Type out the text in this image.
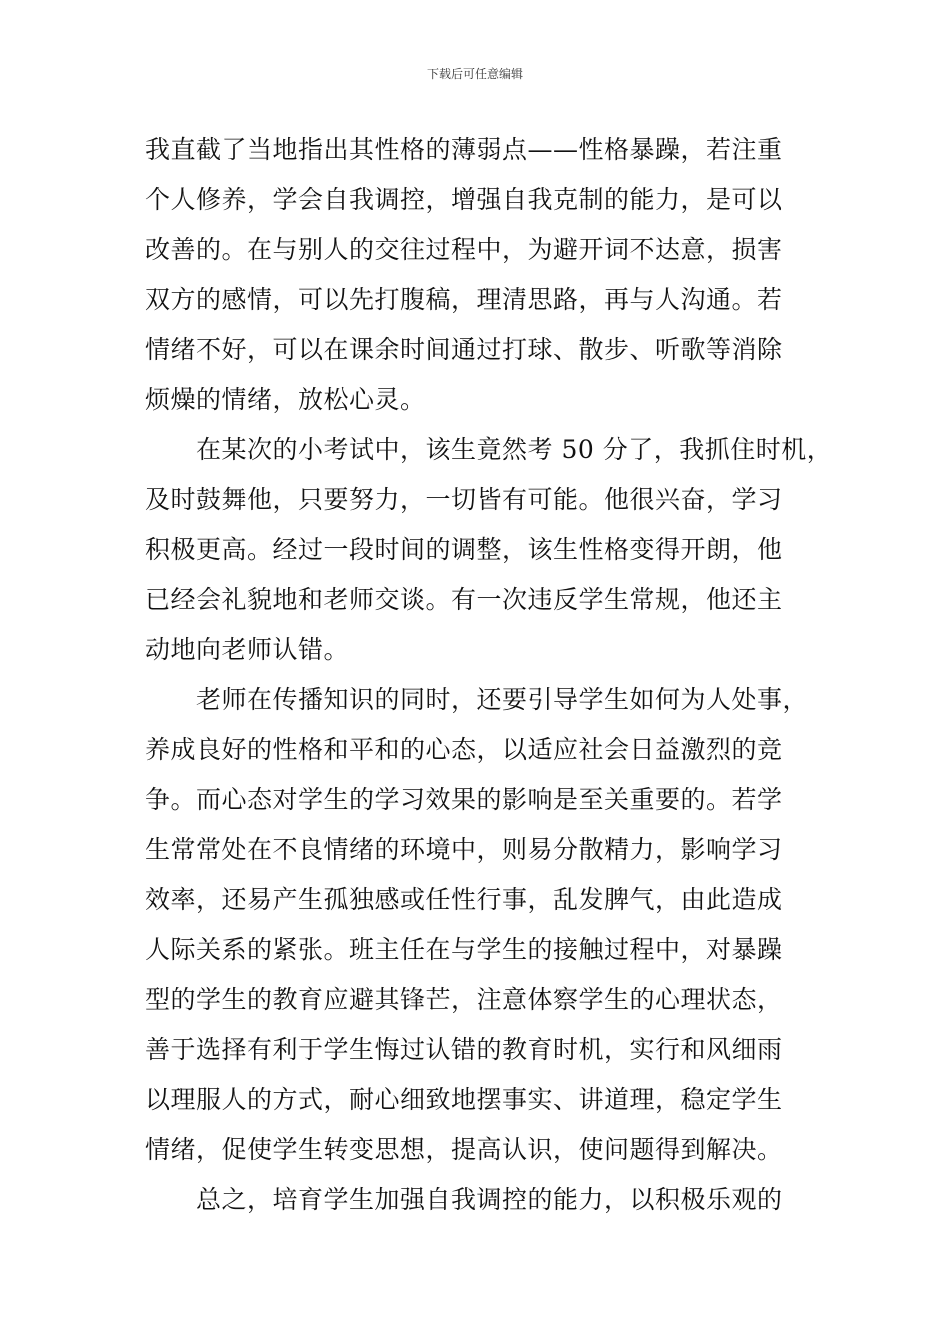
下载后可任意编辑
我直截了当地指出其性格的薄弱点——性格暴躁，若注重
个人修养，学会自我调控，增强自我克制的能力，是可以
改善的。在与别人的交往过程中，为避开词不达意，损害
双方的感情，可以先打腹稿，理清思路，再与人沟通。若
情绪不好，可以在课余时间通过打球、散步、听歌等消除
烦燥的情绪，放松心灵。
　　在某次的小考试中，该生竟然考 50 分了，我抓住时机，
及时鼓舞他，只要努力，一切皆有可能。他很兴奋，学习
积极更高。经过一段时间的调整，该生性格变得开朗，他
已经会礼貌地和老师交谈。有一次违反学生常规，他还主
动地向老师认错。
　　老师在传播知识的同时，还要引导学生如何为人处事，
养成良好的性格和平和的心态，以适应社会日益激烈的竞
争。而心态对学生的学习效果的影响是至关重要的。若学
生常常处在不良情绪的环境中，则易分散精力，影响学习
效率，还易产生孤独感或任性行事，乱发脾气，由此造成
人际关系的紧张。班主任在与学生的接触过程中，对暴躁
型的学生的教育应避其锋芒，注意体察学生的心理状态，
善于选择有利于学生悔过认错的教育时机，实行和风细雨
以理服人的方式，耐心细致地摆事实、讲道理，稳定学生
情绪，促使学生转变思想，提高认识，使问题得到解决。
　　总之，培育学生加强自我调控的能力，以积极乐观的
